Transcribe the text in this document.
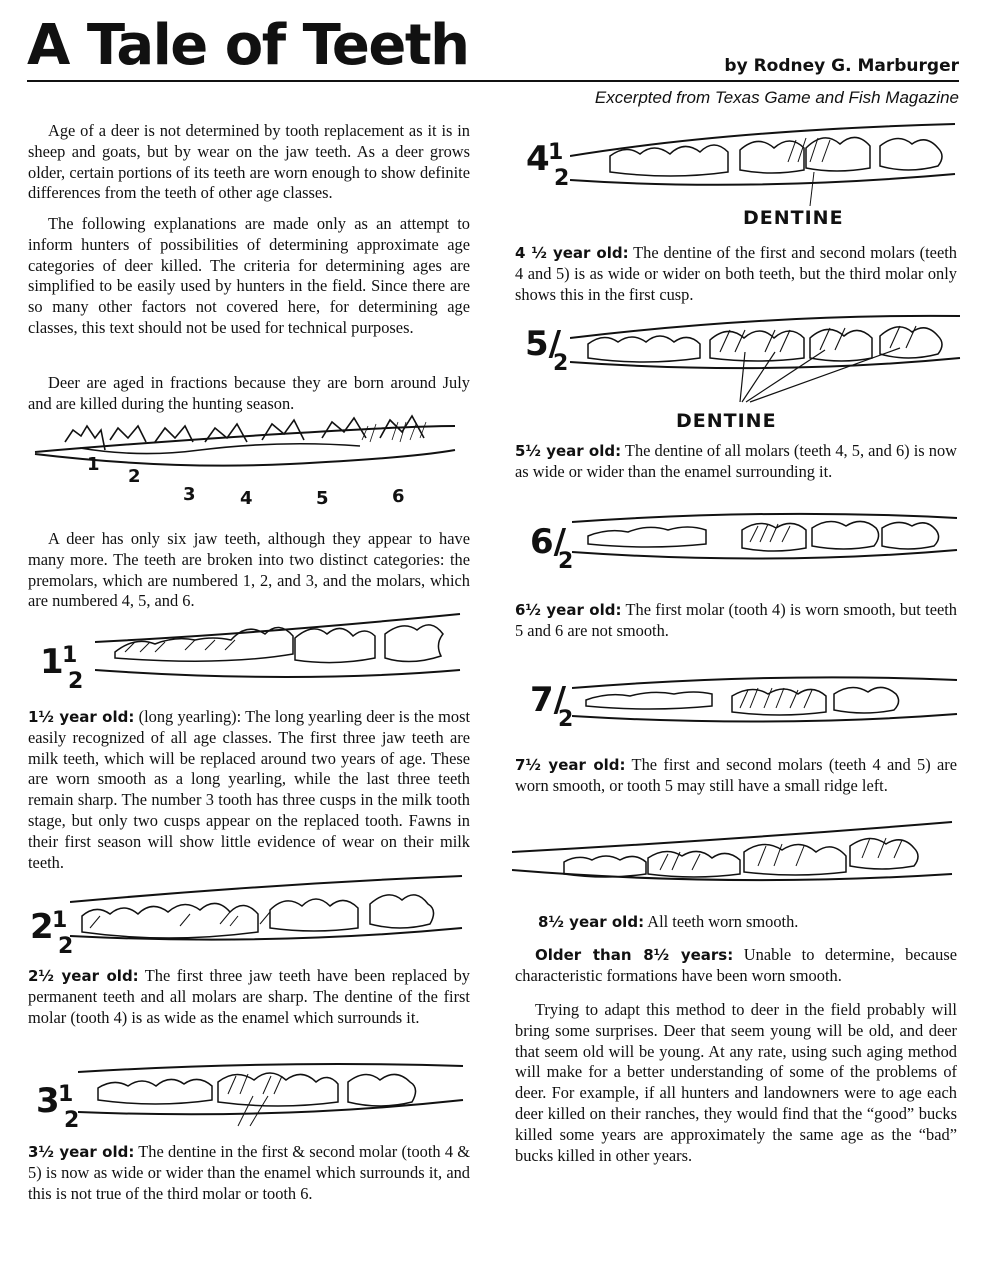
A Tale of Teeth	by Rodney G. Marburger
Excerpted from Texas Game and Fish Magazine

Age of a deer is not determined by tooth replacement as it is in sheep and goats, but by wear on the jaw teeth. As a deer grows older, certain portions of its teeth are worn enough to show definite differences from the teeth of other age classes.

The following explanations are made only as an attempt to inform hunters of possibilities of determining approximate age categories of deer killed. The criteria for determining ages are simplified to be easily used by hunters in the field. Since there are so many other factors not covered here, for determining age classes, this text should not be used for technical purposes.

Deer are aged in fractions because they are born around July and are killed during the hunting season.

1
2
3 4	5	6

A deer has only six jaw teeth, although they appear to have many more. The teeth are broken into two distinct categories: the premolars, which are numbered 1, 2, and 3, and the molars, which are numbered 4, 5, and 6.

1
1
2

1½ year old: (long yearling): The long yearling deer is the most easily recognized of all age classes. The first three jaw teeth are milk teeth, which will be replaced around two years of age. These are worn smooth as a long yearling, while the last three teeth remain sharp. The number 3 tooth has three cusps in the milk tooth stage, but only two cusps appear on the replaced tooth. Fawns in their first season will show little evidence of wear on their milk teeth.

2
1
2

2½ year old: The first three jaw teeth have been replaced by permanent teeth and all molars are sharp. The dentine of the first molar (tooth 4) is as wide as the enamel which surrounds it.

3
1
2

3½ year old: The dentine in the first & second molar (tooth 4 & 5) is now as wide or wider than the enamel which surrounds it, and this is not true of the third molar or tooth 6.

4
1
2
DENTINE

4 ½ year old: The dentine of the first and second molars (teeth 4 and 5) is as wide or wider on both teeth, but the third molar only shows this in the first cusp.

5/
2
DENTINE

5½ year old: The dentine of all molars (teeth 4, 5, and 6) is now as wide or wider than the enamel surrounding it.

6/
2

6½ year old: The first molar (tooth 4) is worn smooth, but teeth 5 and 6 are not smooth.

7/
2

7½ year old: The first and second molars (teeth 4 and 5) are worn smooth, or tooth 5 may still have a small ridge left.

8½ year old: All teeth worn smooth.

Older than 8½ years: Unable to determine, because characteristic formations have been worn smooth.

Trying to adapt this method to deer in the field probably will bring some surprises. Deer that seem young will be old, and deer that seem old will be young. At any rate, using such aging method will make for a better understanding of some of the problems of deer. For example, if all hunters and landowners were to age each deer killed on their ranches, they would find that the “good” bucks killed some years are approximately the same age as the “bad” bucks killed in other years.
